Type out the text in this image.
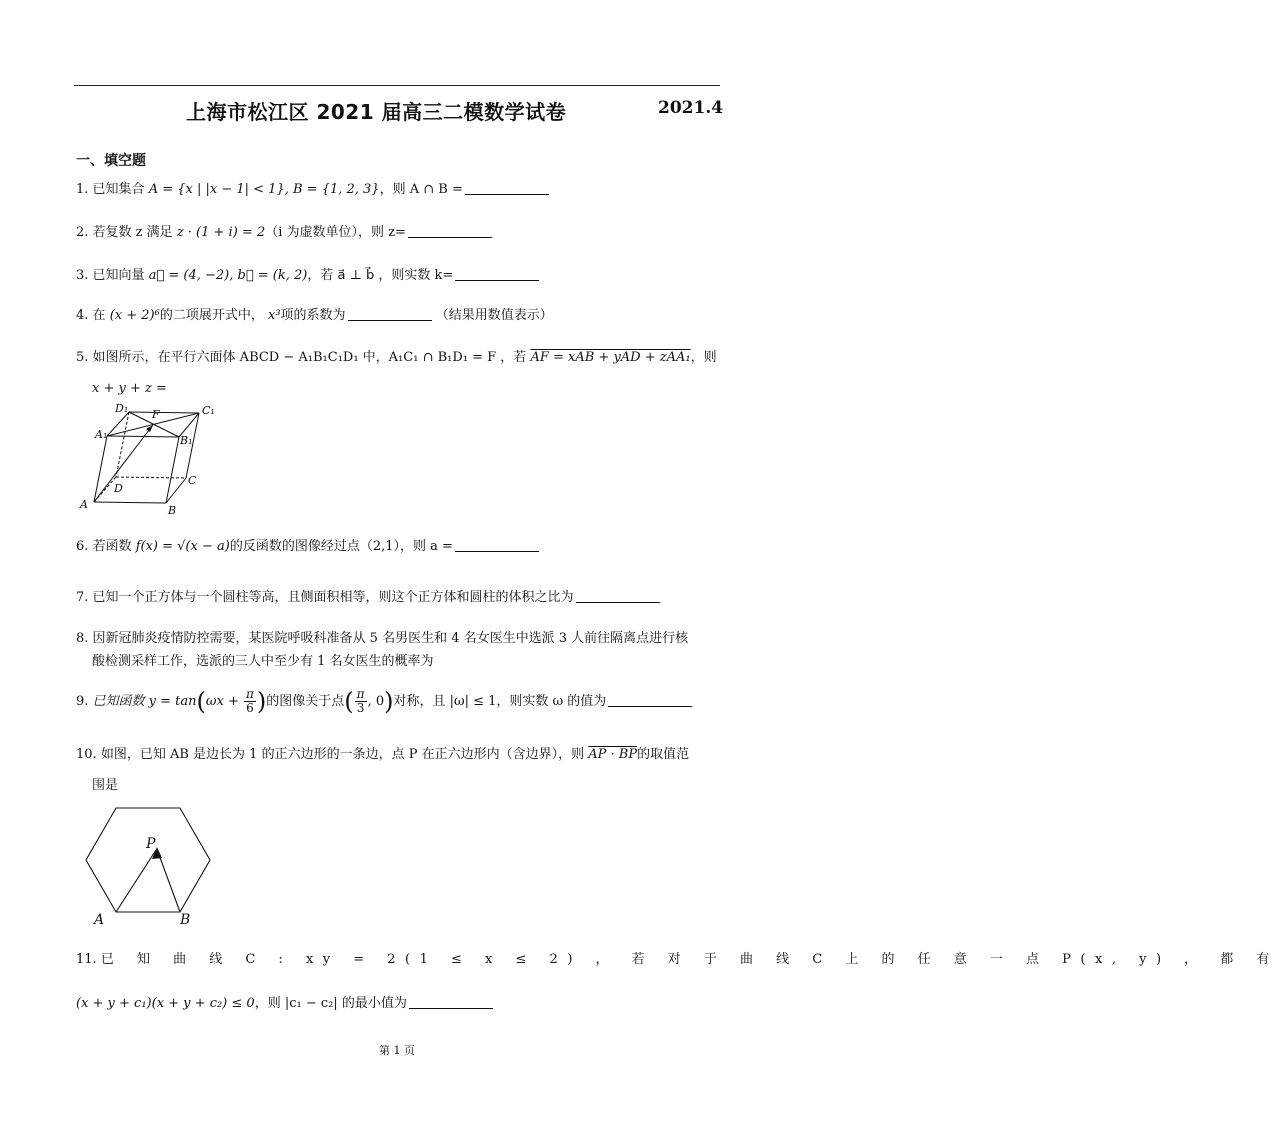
上海市松江区 2021 届高三二模数学试卷	2021.4
一、填空题
1. 已知集合 A = {x | |x − 1| < 1}, B = {1, 2, 3}，则 A ∩ B =
2. 若复数 z 满足 z · (1 + i) = 2（i 为虚数单位），则 z=
3. 已知向量 a⃗ = (4, −2), b⃗ = (k, 2)，若 a⃗ ⊥ b⃗ ，则实数 k=
4. 在 (x + 2)⁶的二项展开式中， x³项的系数为	（结果用数值表示）
5. 如图所示，在平行六面体 ABCD − A₁B₁C₁D₁ 中，A₁C₁ ∩ B₁D₁ = F ，若 AF = xAB + yAD + zAA₁，则
x + y + z =
D₁ F	C₁
A₁	B₁
D
C
A	B
6. 若函数 f(x) = √(x − a)的反函数的图像经过点（2,1），则 a =
7. 已知一个正方体与一个圆柱等高，且侧面积相等，则这个正方体和圆柱的体积之比为
8. 因新冠肺炎疫情防控需要，某医院呼吸科准备从 5 名男医生和 4 名女医生中选派 3 人前往隔离点进行核
酸检测采样工作，选派的三人中至少有 1 名女医生的概率为
9. 已知函数 $y = \tan(\omega x + \frac{\pi}{6}$ )的图像关于点( $\frac{\pi}{3}$ , 0)对称，且 |ω| ≤ 1，则实数 ω 的值为
10. 如图，已知 AB 是边长为 1 的正六边形的一条边，点 P 在正六边形内（含边界），则 AP · BP的取值范
围是
P
A	B
11. 已 知 曲 线 C : xy = 2(1 ≤ x ≤ 2) ， 若 对 于 曲 线 C 上 的 任 意 一 点 P(x, y) ， 都 有
(x + y + c₁)(x + y + c₂) ≤ 0，则 |c₁ − c₂| 的最小值为
第 1 页
